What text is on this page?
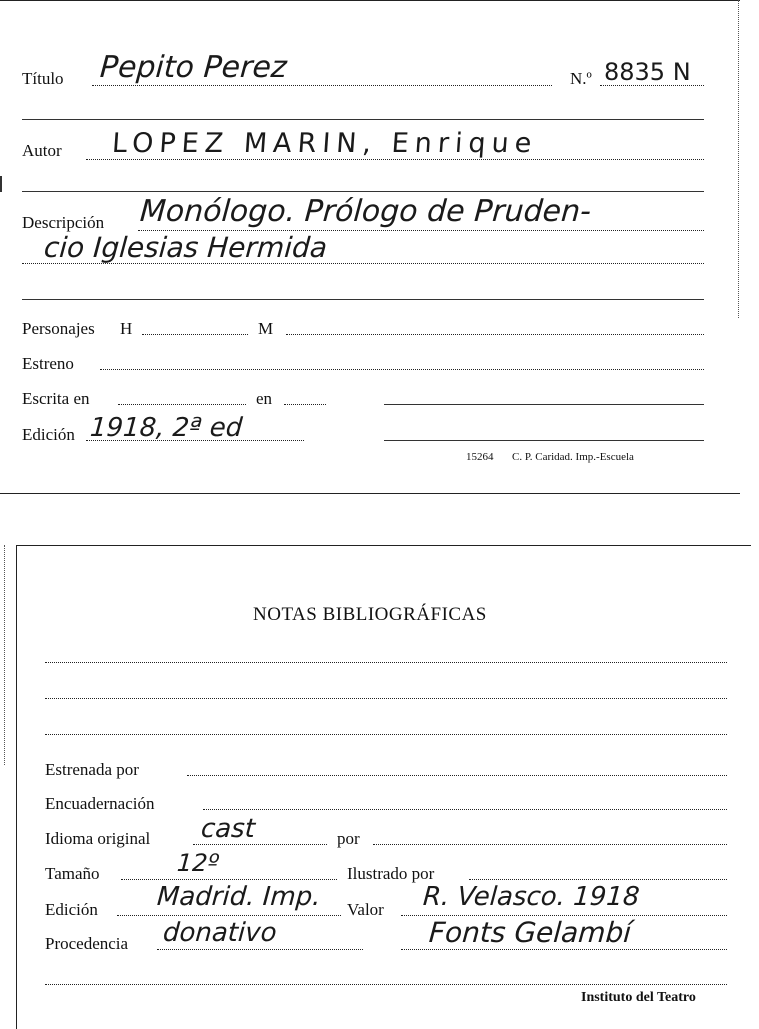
Título Pepito Perez	N.º 8835 N
Autor LOPEZ MARIN, Enrique
Descripción Monólogo. Prólogo de Pruden-
cio Iglesias Hermida
Personajes H	M
Estreno
Escrita en	en
Edición 1918, 2ª ed
15264 C. P. Caridad. Imp.-Escuela
NOTAS BIBLIOGRÁFICAS
Estrenada por
Encuadernación
Idioma original cast	por
Tamaño	12º	Ilustrado por
Edición Madrid. Imp. Valor R. Velasco. 1918
Procedencia donativo	Fonts Gelambí
Instituto del Teatro
